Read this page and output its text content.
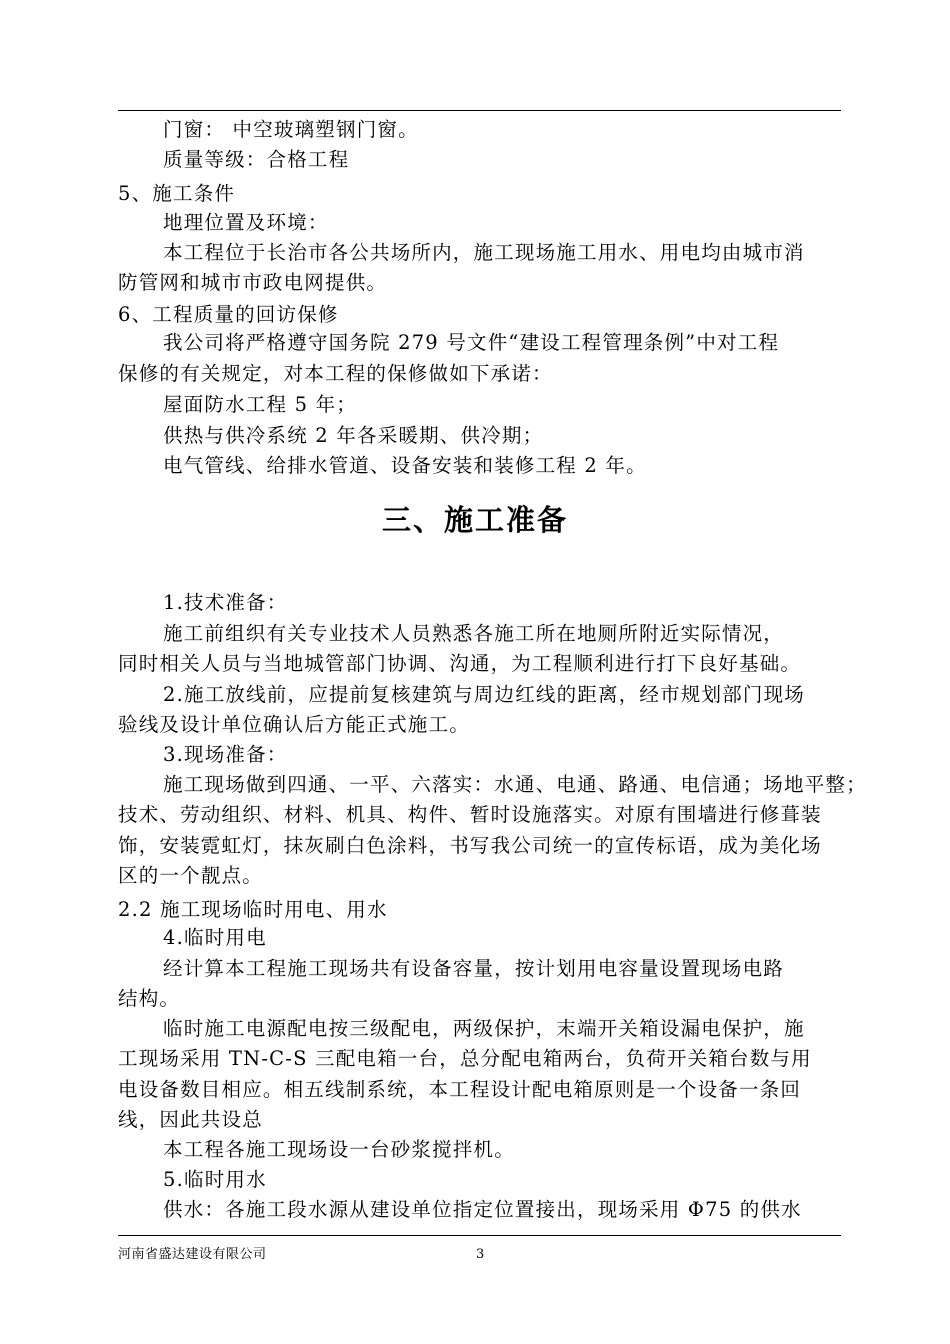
门窗： 中空玻璃塑钢门窗。
质量等级：合格工程
5、施工条件
地理位置及环境：
本工程位于长治市各公共场所内，施工现场施工用水、用电均由城市消
防管网和城市市政电网提供。
6、工程质量的回访保修
我公司将严格遵守国务院 279 号文件“建设工程管理条例”中对工程
保修的有关规定，对本工程的保修做如下承诺：
屋面防水工程 5 年；
供热与供冷系统 2 年各采暖期、供冷期；
电气管线、给排水管道、设备安装和装修工程 2 年。
三、施工准备
1.技术准备：
施工前组织有关专业技术人员熟悉各施工所在地厕所附近实际情况，
同时相关人员与当地城管部门协调、沟通，为工程顺利进行打下良好基础。
2.施工放线前，应提前复核建筑与周边红线的距离，经市规划部门现场
验线及设计单位确认后方能正式施工。
3.现场准备：
施工现场做到四通、一平、六落实：水通、电通、路通、电信通；场地平整；
技术、劳动组织、材料、机具、构件、暂时设施落实。对原有围墙进行修葺装
饰，安装霓虹灯，抹灰刷白色涂料，书写我公司统一的宣传标语，成为美化场
区的一个靓点。
2.2 施工现场临时用电、用水
4.临时用电
经计算本工程施工现场共有设备容量，按计划用电容量设置现场电路
结构。
临时施工电源配电按三级配电，两级保护，末端开关箱设漏电保护，施
工现场采用 TN-C-S 三配电箱一台，总分配电箱两台，负荷开关箱台数与用
电设备数目相应。相五线制系统，本工程设计配电箱原则是一个设备一条回
线，因此共设总
本工程各施工现场设一台砂浆搅拌机。
5.临时用水
供水：各施工段水源从建设单位指定位置接出，现场采用 Φ75 的供水
河南省盛达建设有限公司	3
